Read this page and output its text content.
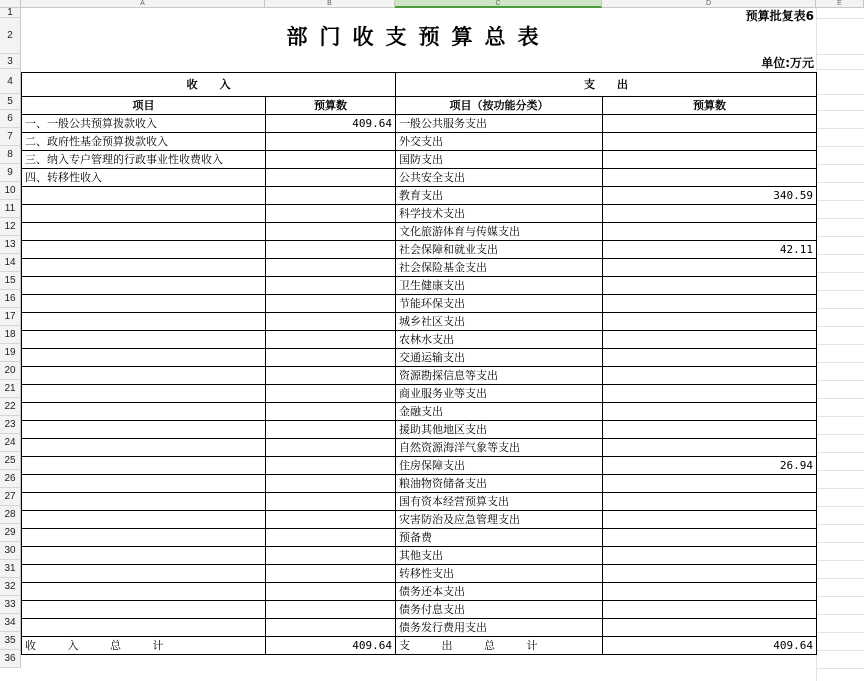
A	B	C	D	E
1
2
3
4
5
6
7
8
9
10
11
12
13
14
15
16
17
18
19
20
21
22
23
24
25
26
27
28
29
30
31
32
33
34
35
36
预算批复表6
部门收支预算总表
单位:万元
收　　入		支　　出	
项目	预算数	项目（按功能分类）	预算数
一、一般公共预算拨款收入	409.64	一般公共服务支出	
二、政府性基金预算拨款收入		外交支出	
三、纳入专户管理的行政事业性收费收入		国防支出	
四、转移性收入		公共安全支出	
		教育支出	340.59
		科学技术支出	
		文化旅游体育与传媒支出	
		社会保障和就业支出	42.11
		社会保险基金支出	
		卫生健康支出	
		节能环保支出	
		城乡社区支出	
		农林水支出	
		交通运输支出	
		资源勘探信息等支出	
		商业服务业等支出	
		金融支出	
		援助其他地区支出	
		自然资源海洋气象等支出	
		住房保障支出	26.94
		粮油物资储备支出	
		国有资本经营预算支出	
		灾害防治及应急管理支出	
		预备费	
		其他支出	
		转移性支出	
		债务还本支出	
		债务付息支出	
		债务发行费用支出	
收 入 总 计	409.64	支 出 总 计	409.64
